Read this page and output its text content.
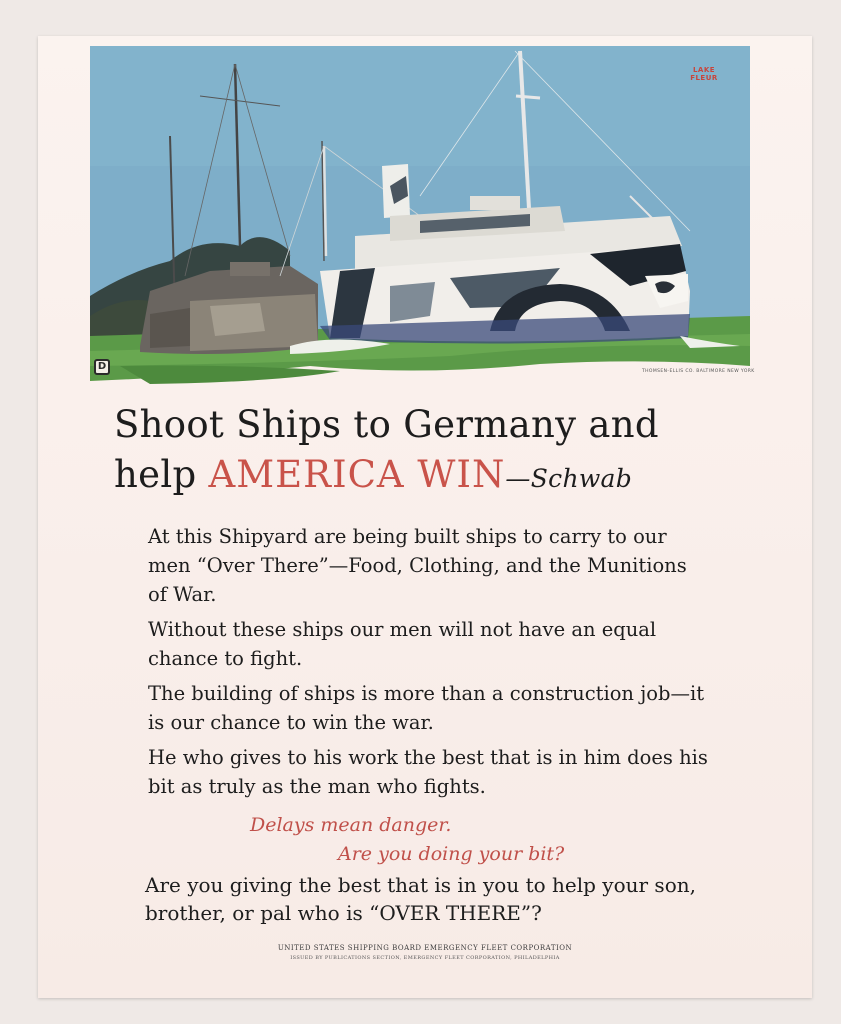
LAKE FLEUR
D	THOMSEN-ELLIS CO. BALTIMORE NEW YORK
Shoot Ships to Germany and
help AMERICA WIN—Schwab

At this Shipyard are being built ships to carry to our men “Over There”—Food, Clothing, and the Munitions of War.

Without these ships our men will not have an equal chance to fight.

The building of ships is more than a construction job—it is our chance to win the war.

He who gives to his work the best that is in him does his bit as truly as the man who fights.

Delays mean danger.
Are you doing your bit?
Are you giving the best that is in you to help your son, brother, or pal who is “OVER THERE”?
UNITED STATES SHIPPING BOARD EMERGENCY FLEET CORPORATION
ISSUED BY PUBLICATIONS SECTION, EMERGENCY FLEET CORPORATION, PHILADELPHIA
